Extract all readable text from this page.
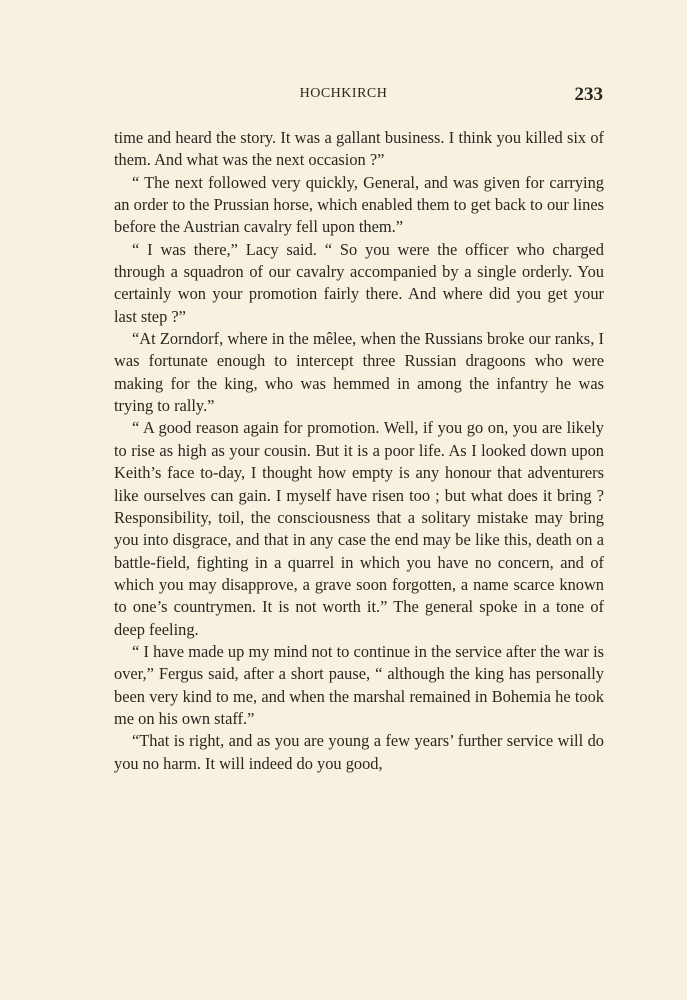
HOCHKIRCH	233

time and heard the story. It was a gallant business. I think you killed six of them. And what was the next occasion ?”

“ The next followed very quickly, General, and was given for carrying an order to the Prussian horse, which enabled them to get back to our lines before the Austrian cavalry fell upon them.”

“ I was there,” Lacy said. “ So you were the officer who charged through a squadron of our cavalry accompanied by a single orderly. You certainly won your promotion fairly there. And where did you get your last step ?”

“At Zorndorf, where in the mêlee, when the Russians broke our ranks, I was fortunate enough to intercept three Russian dragoons who were making for the king, who was hemmed in among the infantry he was trying to rally.”

“ A good reason again for promotion. Well, if you go on, you are likely to rise as high as your cousin. But it is a poor life. As I looked down upon Keith’s face to-day, I thought how empty is any honour that adventurers like ourselves can gain. I myself have risen too ; but what does it bring ? Responsibility, toil, the consciousness that a solitary mistake may bring you into disgrace, and that in any case the end may be like this, death on a battle-field, fighting in a quarrel in which you have no concern, and of which you may disapprove, a grave soon forgotten, a name scarce known to one’s countrymen. It is not worth it.” The general spoke in a tone of deep feeling.

“ I have made up my mind not to continue in the service after the war is over,” Fergus said, after a short pause, “ although the king has personally been very kind to me, and when the marshal remained in Bohemia he took me on his own staff.”

“That is right, and as you are young a few years’ further service will do you no harm. It will indeed do you good,
